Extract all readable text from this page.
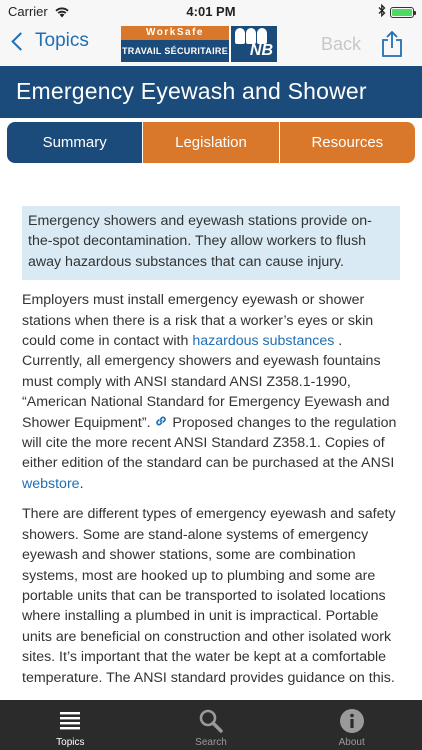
Carrier	4:01 PM
Topics	WorkSafe
TRAVAIL SÉCURITAIRE NB	Back
Emergency Eyewash and Shower
Summary	Legislation	Resources
Emergency showers and eyewash stations provide on-the-spot decontamination. They allow workers to flush away hazardous substances that can cause injury.

Employers must install emergency eyewash or shower stations when there is a risk that a worker’s eyes or skin could come in contact with hazardous substances . Currently, all emergency showers and eyewash fountains must comply with ANSI standard ANSI Z358.1-1990, “American National Standard for Emergency Eyewash and Shower Equipment”.  Proposed changes to the regulation will cite the more recent ANSI Standard Z358.1. Copies of either edition of the standard can be purchased at the ANSI webstore.

There are different types of emergency eyewash and safety showers. Some are stand-alone systems of emergency eyewash and shower stations, some are combination systems, most are hooked up to plumbing and some are portable units that can be transported to isolated locations where installing a plumbed in unit is impractical. Portable units are beneficial on construction and other isolated work sites. It’s important that the water be kept at a comfortable temperature. The ANSI standard provides guidance on this.

Topics	Search	About
